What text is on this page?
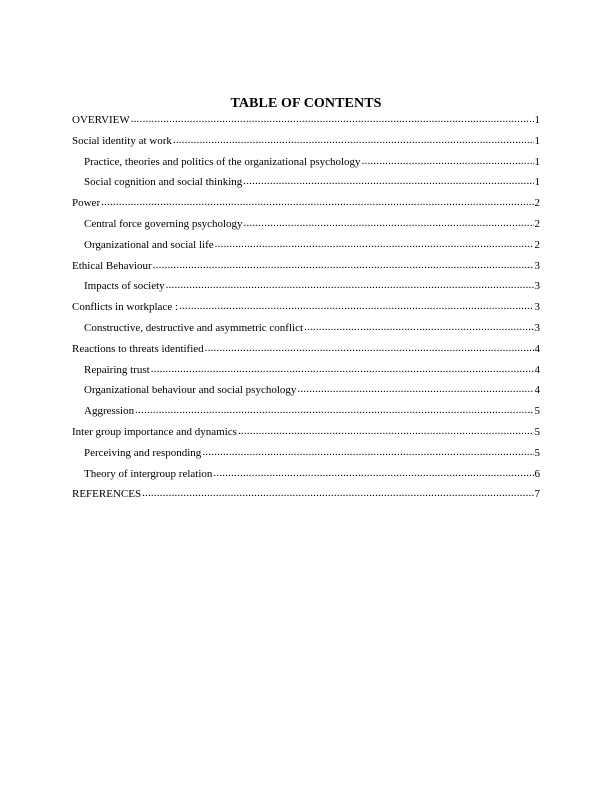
TABLE OF CONTENTS
OVERVIEW .....	1
Social identity at work .....	1
Practice, theories and politics of the organizational psychology .....	1
Social cognition and social thinking .....	1
Power .....	2
Central force governing psychology .....	2
Organizational and social life .....	2
Ethical Behaviour .....	3
Impacts of society .....	3
Conflicts in workplace : .....	3
Constructive, destructive and asymmetric conflict .....	3
Reactions to threats identified .....	4
Repairing trust .....	4
Organizational behaviour and social psychology .....	4
Aggression .....	5
Inter group importance and dynamics .....	5
Perceiving and responding .....	5
Theory of intergroup relation .....	6
REFERENCES .....	7
